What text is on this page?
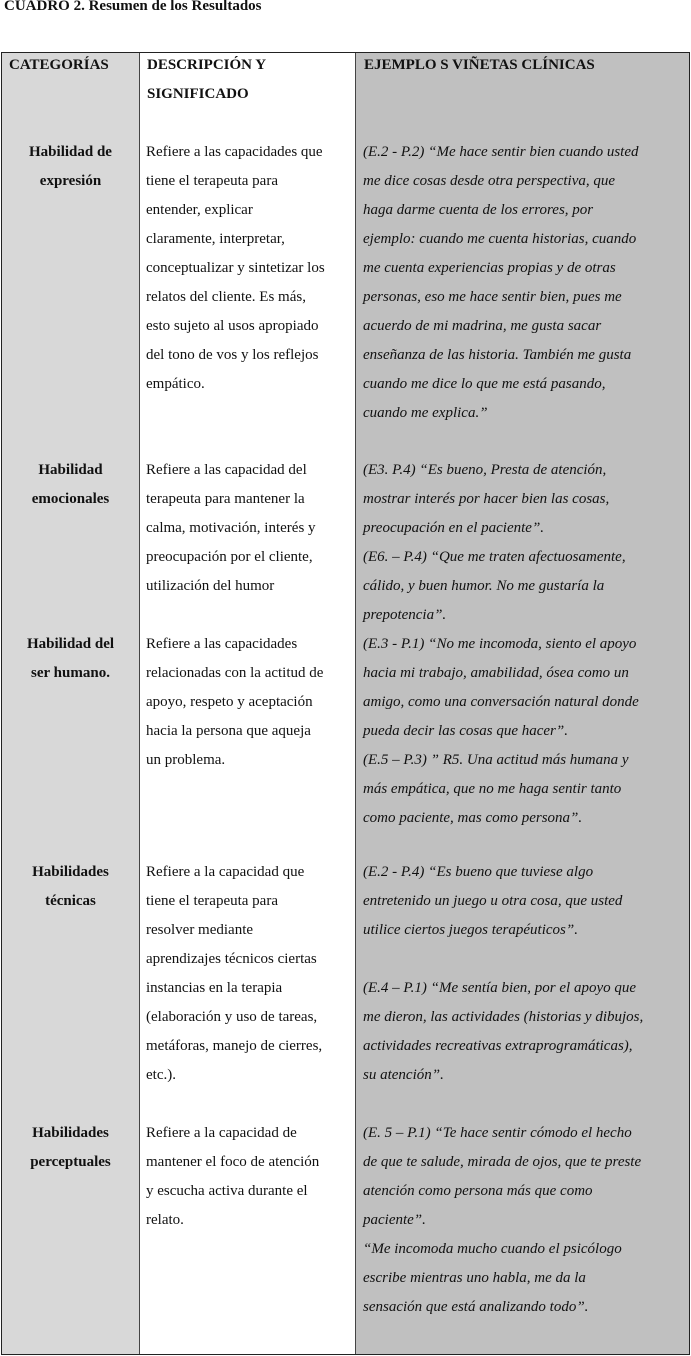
CUADRO 2. Resumen de los Resultados
CATEGORÍAS	DESCRIPCIÓN Y
SIGNIFICADO
EJEMPLO S VIÑETAS CLÍNICAS
Habilidad de
expresión
Refiere a las capacidades que
tiene el terapeuta para
entender, explicar
claramente, interpretar,
conceptualizar y sintetizar los
relatos del cliente. Es más,
esto sujeto al usos apropiado
del tono de vos y los reflejos
empático.
(E.2 - P.2) “Me hace sentir bien cuando usted
me dice cosas desde otra perspectiva, que
haga darme cuenta de los errores, por
ejemplo: cuando me cuenta historias, cuando
me cuenta experiencias propias y de otras
personas, eso me hace sentir bien, pues me
acuerdo de mi madrina, me gusta sacar
enseñanza de las historia. También me gusta
cuando me dice lo que me está pasando,
cuando me explica.”
Habilidad
emocionales
Refiere a las capacidad del
terapeuta para mantener la
calma, motivación, interés y
preocupación por el cliente,
utilización del humor
(E3. P.4) “Es bueno, Presta de atención,
mostrar interés por hacer bien las cosas,
preocupación en el paciente”.
(E6. – P.4) “Que me traten afectuosamente,
cálido, y buen humor. No me gustaría la
prepotencia”.
Habilidad del
ser humano.
Refiere a las capacidades
relacionadas con la actitud de
apoyo, respeto y aceptación
hacia la persona que aqueja
un problema.
(E.3 - P.1) “No me incomoda, siento el apoyo
hacia mi trabajo, amabilidad, ósea como un
amigo, como una conversación natural donde
pueda decir las cosas que hacer”.
(E.5 – P.3) ” R5. Una actitud más humana y
más empática, que no me haga sentir tanto
como paciente, mas como persona”.
Habilidades
técnicas
Refiere a la capacidad que
tiene el terapeuta para
resolver mediante
aprendizajes técnicos ciertas
instancias en la terapia
(elaboración y uso de tareas,
metáforas, manejo de cierres,
etc.).
(E.2 - P.4) “Es bueno que tuviese algo
entretenido un juego u otra cosa, que usted
utilice ciertos juegos terapéuticos”.
(E.4 – P.1) “Me sentía bien, por el apoyo que
me dieron, las actividades (historias y dibujos,
actividades recreativas extraprogramáticas),
su atención”.
Habilidades
perceptuales
Refiere a la capacidad de
mantener el foco de atención
y escucha activa durante el
relato.
(E. 5 – P.1) “Te hace sentir cómodo el hecho
de que te salude, mirada de ojos, que te preste
atención como persona más que como
paciente”.
“Me incomoda mucho cuando el psicólogo
escribe mientras uno habla, me da la
sensación que está analizando todo”.
